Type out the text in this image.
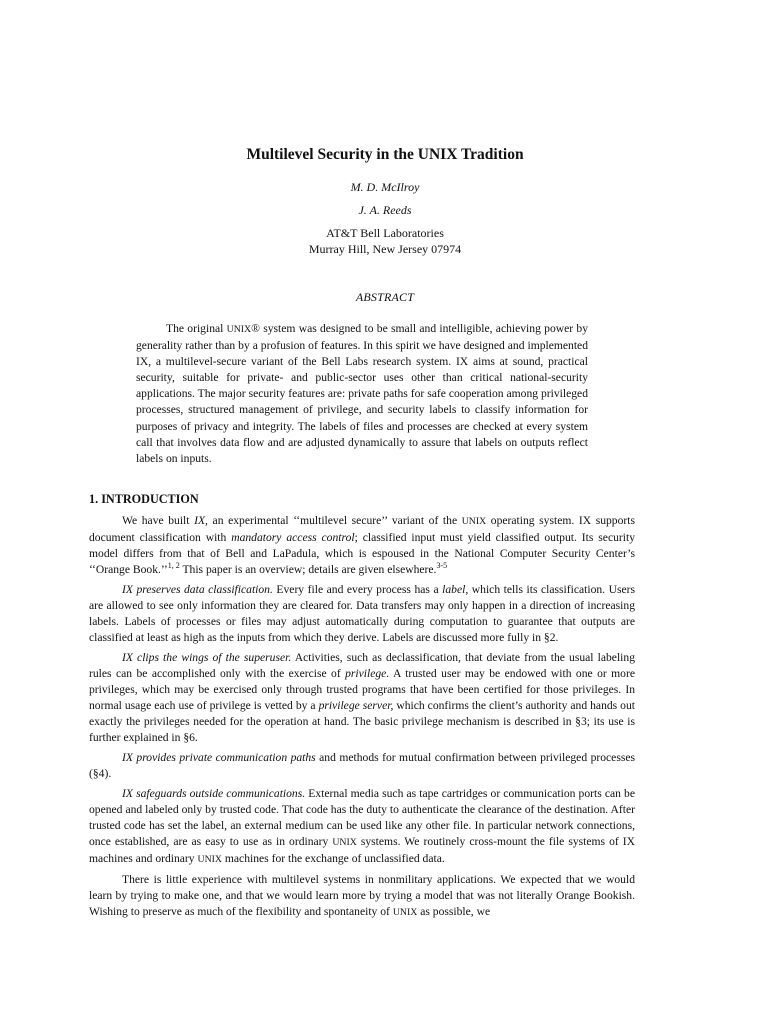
Multilevel Security in the UNIX Tradition
M. D. McIlroy
J. A. Reeds
AT&T Bell Laboratories
Murray Hill, New Jersey 07974
ABSTRACT

The original UNIX® system was designed to be small and intelligible, achieving power by generality rather than by a profusion of features. In this spirit we have designed and implemented IX, a multilevel-secure variant of the Bell Labs research system. IX aims at sound, practical security, suitable for private- and public-sector uses other than critical national-security applications. The major security features are: private paths for safe cooperation among privileged processes, structured management of privilege, and security labels to classify information for purposes of privacy and integrity. The labels of files and processes are checked at every system call that involves data flow and are adjusted dynamically to assure that labels on outputs reflect labels on inputs.

1. INTRODUCTION

We have built IX, an experimental ‘‘multilevel secure’’ variant of the UNIX operating system. IX supports document classification with mandatory access control; classified input must yield classified output. Its security model differs from that of Bell and LaPadula, which is espoused in the National Computer Security Center’s ‘‘Orange Book.’’$^{1, 2}$ This paper is an overview; details are given elsewhere.$^{3-5}$

IX preserves data classification. Every file and every process has a label, which tells its classification. Users are allowed to see only information they are cleared for. Data transfers may only happen in a direction of increasing labels. Labels of processes or files may adjust automatically during computation to guarantee that outputs are classified at least as high as the inputs from which they derive. Labels are discussed more fully in §2.

IX clips the wings of the superuser. Activities, such as declassification, that deviate from the usual labeling rules can be accomplished only with the exercise of privilege. A trusted user may be endowed with one or more privileges, which may be exercised only through trusted programs that have been certified for those privileges. In normal usage each use of privilege is vetted by a privilege server, which confirms the client’s authority and hands out exactly the privileges needed for the operation at hand. The basic privilege mechanism is described in §3; its use is further explained in §6.

IX provides private communication paths and methods for mutual confirmation between privileged processes (§4).

IX safeguards outside communications. External media such as tape cartridges or communication ports can be opened and labeled only by trusted code. That code has the duty to authenticate the clearance of the destination. After trusted code has set the label, an external medium can be used like any other file. In particular network connections, once established, are as easy to use as in ordinary UNIX systems. We routinely cross-mount the file systems of IX machines and ordinary UNIX machines for the exchange of unclassified data.

There is little experience with multilevel systems in nonmilitary applications. We expected that we would learn by trying to make one, and that we would learn more by trying a model that was not literally Orange Bookish. Wishing to preserve as much of the flexibility and spontaneity of UNIX as possible, we
